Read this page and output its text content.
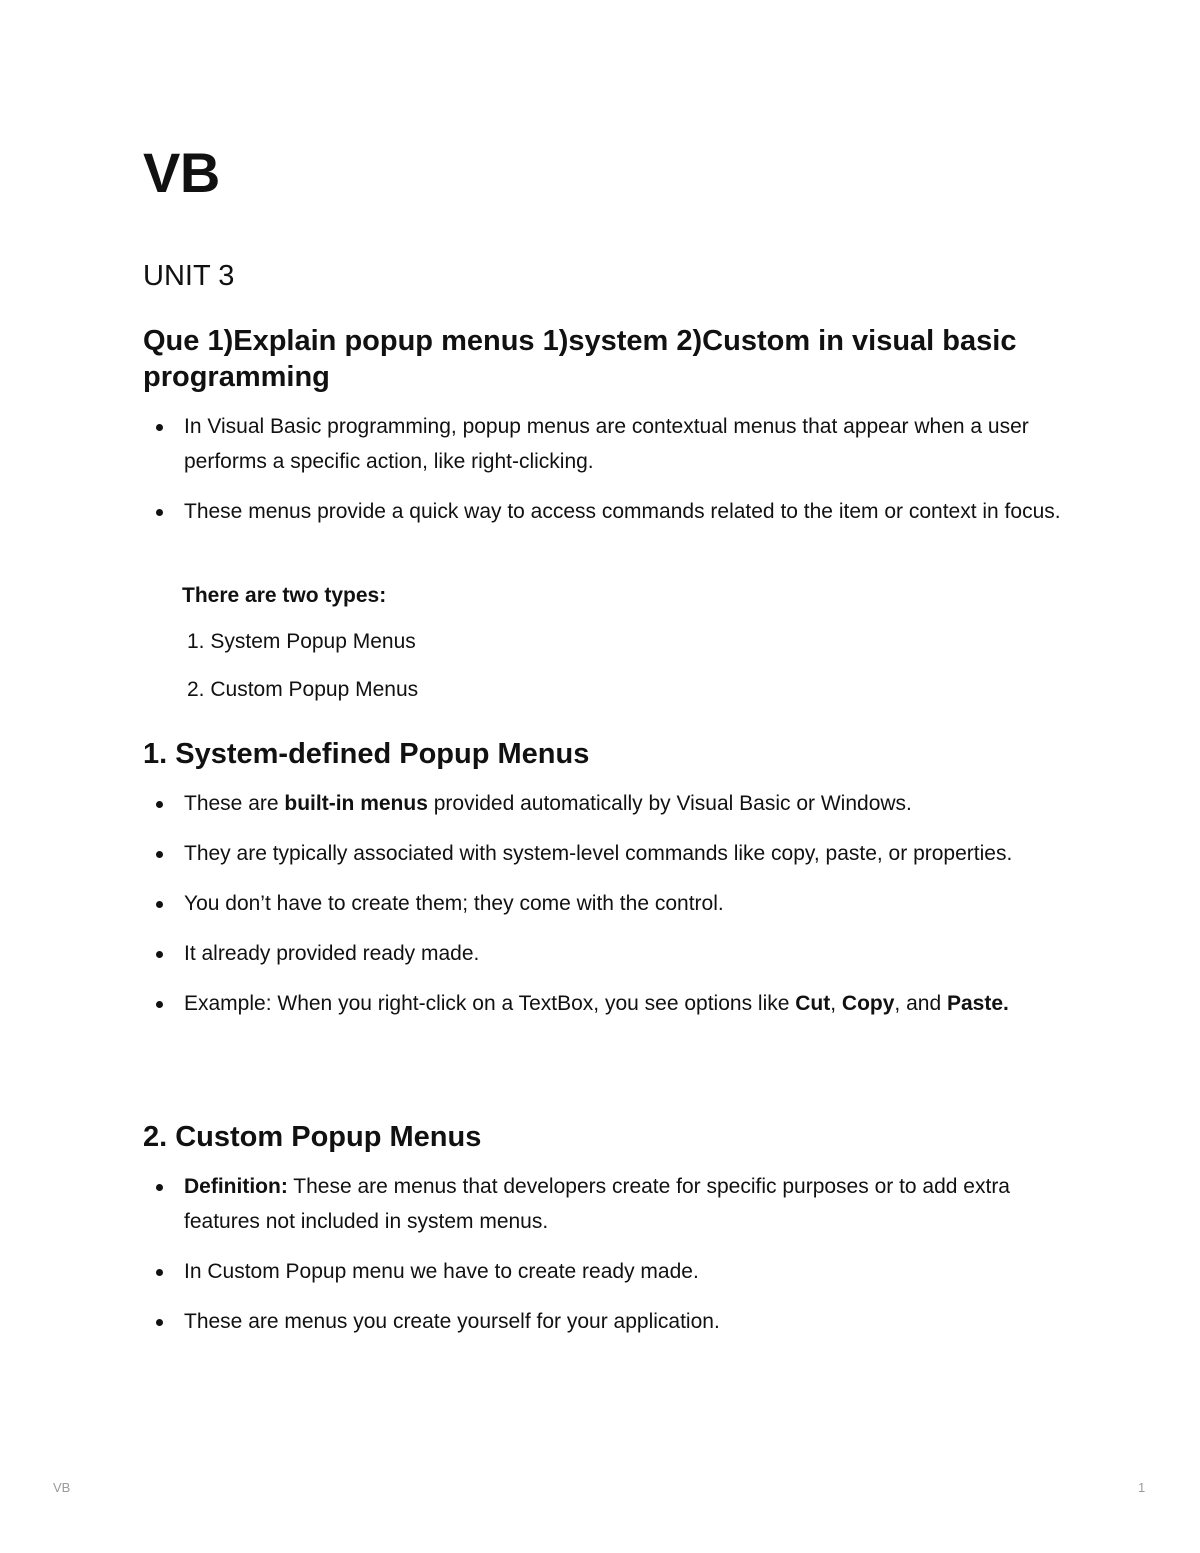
VB
UNIT 3
Que 1)Explain popup menus 1)system 2)Custom in visual basic programming
In Visual Basic programming, popup menus are contextual menus that appear when a user performs a specific action, like right-clicking.
These menus provide a quick way to access commands related to the item or context in focus.

There are two types:

1. System Popup Menus
2. Custom Popup Menus
1. System-defined Popup Menus
These are built-in menus provided automatically by Visual Basic or Windows.
They are typically associated with system-level commands like copy, paste, or properties.
You don’t have to create them; they come with the control.
It already provided ready made.
Example: When you right-click on a TextBox, you see options like Cut, Copy, and Paste.
2. Custom Popup Menus
Definition: These are menus that developers create for specific purposes or to add extra features not included in system menus.
In Custom Popup menu we have to create ready made.
These are menus you create yourself for your application.
VB	1
